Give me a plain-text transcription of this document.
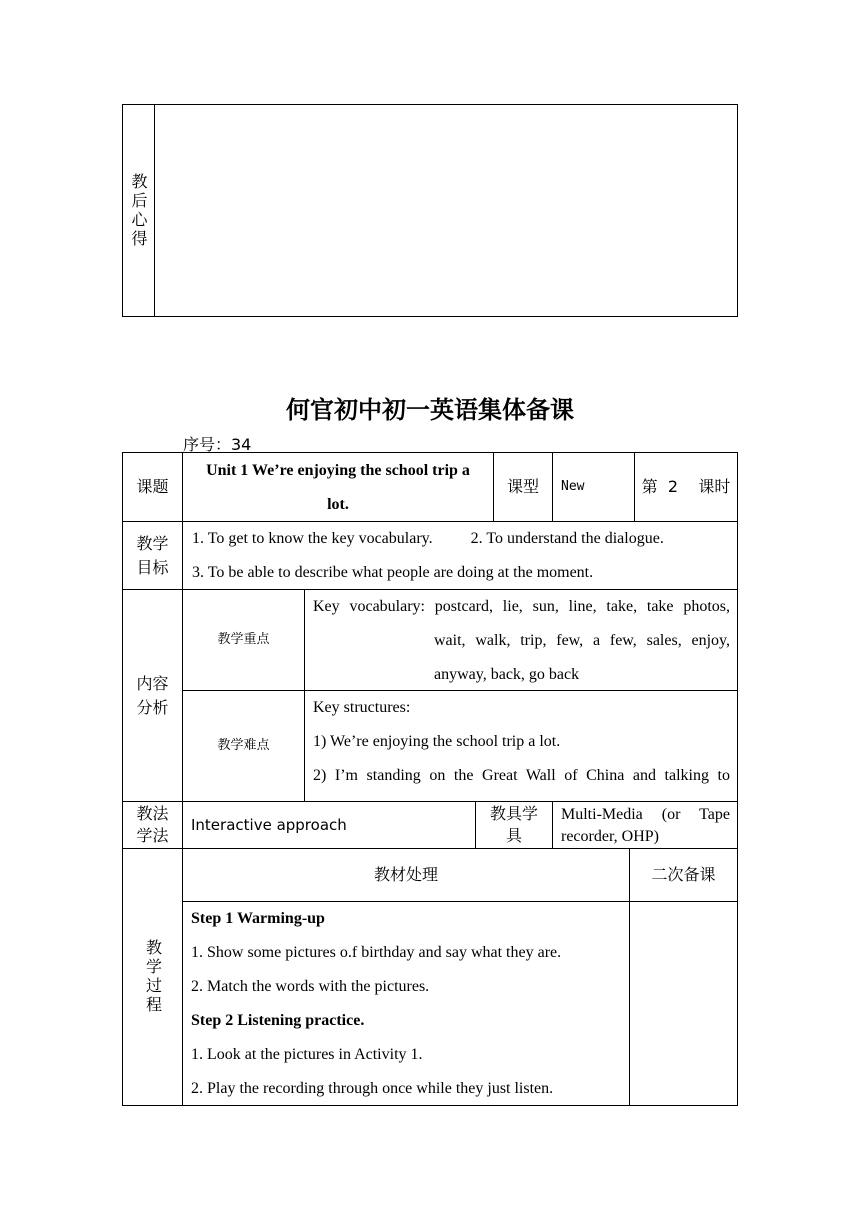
教后心得
何官初中初一英语集体备课
序号：34
课题
Unit 1 We’re enjoying the school trip a
lot.
课型 New	第  2    课时
教学
目标
1. To get to know the key vocabulary. 2. To understand the dialogue.
3. To be able to describe what people are doing at the moment.
内容
分析
教学重点
Key vocabulary: postcard, lie, sun, line, take, take photos,
wait, walk, trip, few, a few, sales, enjoy,
anyway, back, go back
教学难点
Key structures:
1) We’re enjoying the school trip a lot.
2) I’m standing on the Great Wall of China and talking to
教法
学法
Interactive approach
教具学
具
Multi-Media (or Tape
recorder, OHP)
教学过程
教材处理	二次备课
Step 1 Warming-up
1. Show some pictures o.f birthday and say what they are.
2. Match the words with the pictures.
Step 2 Listening practice.
1. Look at the pictures in Activity 1.
2. Play the recording through once while they just listen.
